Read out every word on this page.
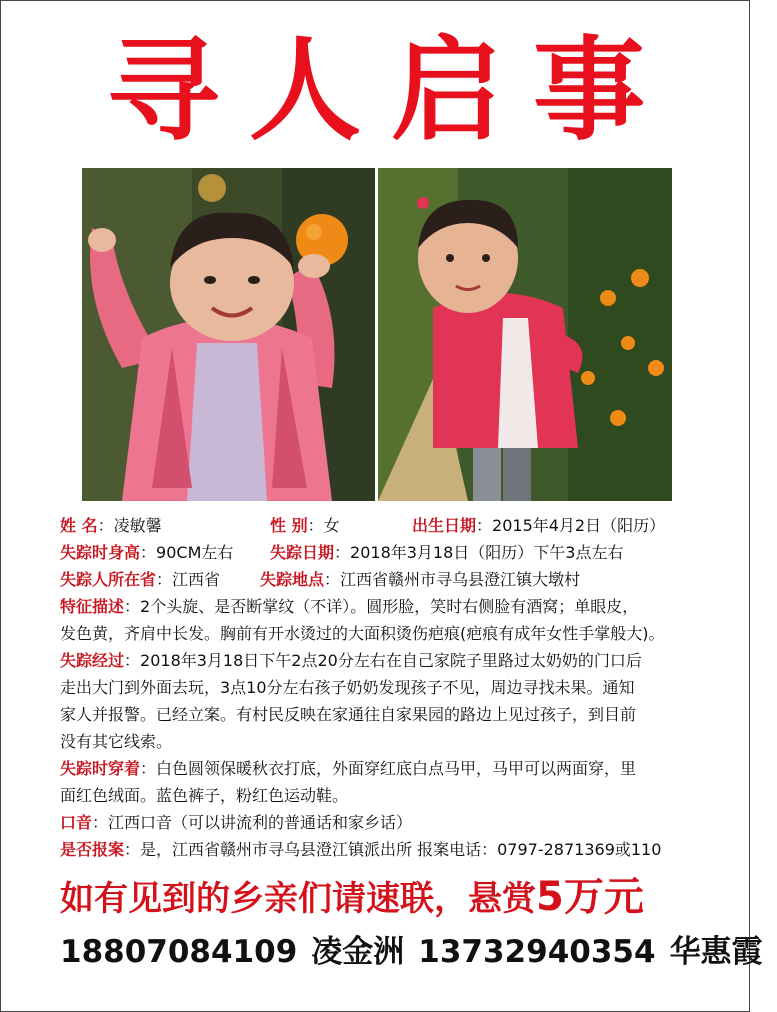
寻人启事
姓 名：凌敏馨	性 别：女	出生日期：2015年4月2日（阳历）
失踪时身高：90CM左右 失踪日期：2018年3月18日（阳历）下午3点左右
失踪人所在省：江西省 失踪地点：江西省赣州市寻乌县澄江镇大墩村
特征描述：2个头旋、是否断掌纹（不详）。圆形脸，笑时右侧脸有酒窝；单眼皮，
发色黄，齐肩中长发。胸前有开水烫过的大面积烫伤疤痕(疤痕有成年女性手掌般大)。
失踪经过：2018年3月18日下午2点20分左右在自己家院子里路过太奶奶的门口后
走出大门到外面去玩，3点10分左右孩子奶奶发现孩子不见，周边寻找未果。通知
家人并报警。已经立案。有村民反映在家通往自家果园的路边上见过孩子，到目前
没有其它线索。
失踪时穿着：白色圆领保暖秋衣打底，外面穿红底白点马甲，马甲可以两面穿，里
面红色绒面。蓝色裤子，粉红色运动鞋。
口音：江西口音（可以讲流利的普通话和家乡话）
是否报案：是，江西省赣州市寻乌县澄江镇派出所 报案电话：0797-2871369或110
如有见到的乡亲们请速联，悬赏5万元
18807084109 凌金洲 13732940354 华惠霞
